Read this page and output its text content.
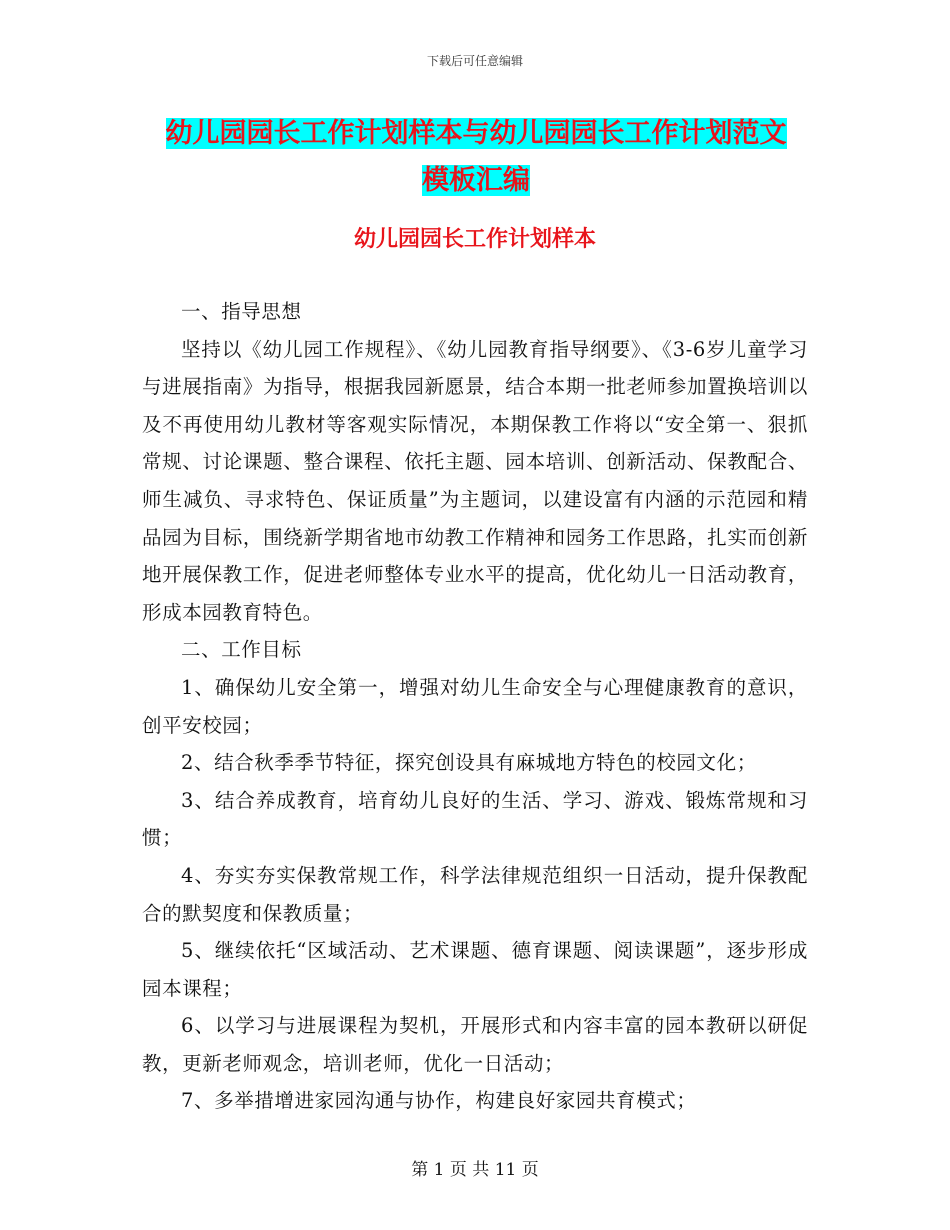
下载后可任意编辑
幼儿园园长工作计划样本与幼儿园园长工作计划范文
模板汇编
幼儿园园长工作计划样本

一、指导思想

坚持以《幼儿园工作规程》、《幼儿园教育指导纲要》、《3-6岁儿童学习与进展指南》为指导，根据我园新愿景，结合本期一批老师参加置换培训以及不再使用幼儿教材等客观实际情况，本期保教工作将以“安全第一、狠抓常规、讨论课题、整合课程、依托主题、园本培训、创新活动、保教配合、师生减负、寻求特色、保证质量”为主题词，以建设富有内涵的示范园和精品园为目标，围绕新学期省地市幼教工作精神和园务工作思路，扎实而创新地开展保教工作，促进老师整体专业水平的提高，优化幼儿一日活动教育，形成本园教育特色。

二、工作目标

1、确保幼儿安全第一，增强对幼儿生命安全与心理健康教育的意识，创平安校园；

2、结合秋季季节特征，探究创设具有麻城地方特色的校园文化；

3、结合养成教育，培育幼儿良好的生活、学习、游戏、锻炼常规和习惯；

4、夯实夯实保教常规工作，科学法律规范组织一日活动，提升保教配合的默契度和保教质量；

5、继续依托“区域活动、艺术课题、德育课题、阅读课题”，逐步形成园本课程；

6、以学习与进展课程为契机，开展形式和内容丰富的园本教研以研促教，更新老师观念，培训老师，优化一日活动；

7、多举措增进家园沟通与协作，构建良好家园共育模式；

第 1 页 共 11 页
